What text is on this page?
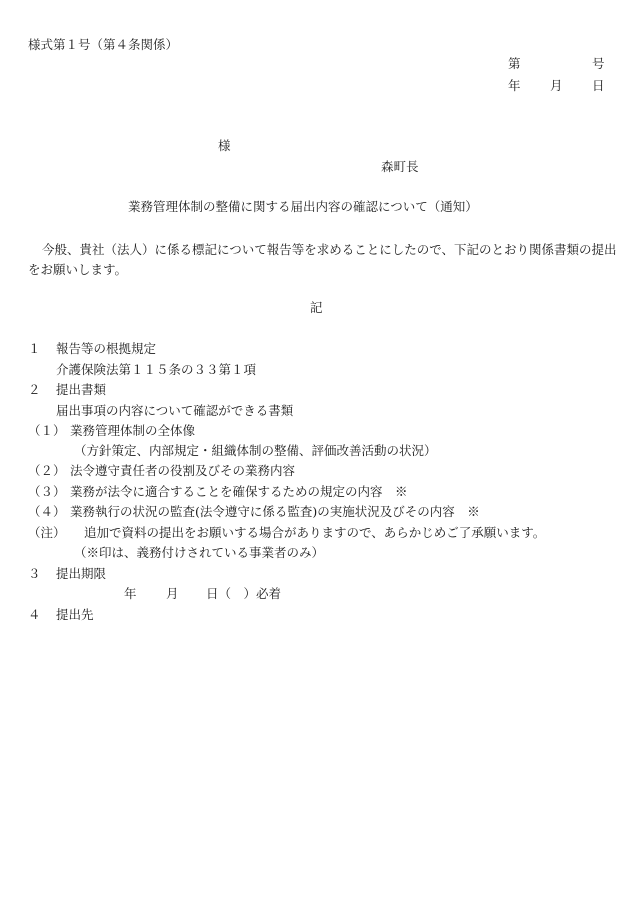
様式第１号（第４条関係）
第	号
年 月 日
様
森町長
業務管理体制の整備に関する届出内容の確認について（通知）
今般、貴社（法人）に係る標記について報告等を求めることにしたので、下記のとおり関係書類の提出をお願いします。
記
１ 報告等の根拠規定
介護保険法第１１５条の３３第１項
２ 提出書類
届出事項の内容について確認ができる書類
（１） 業務管理体制の全体像
（方針策定、内部規定・組織体制の整備、評価改善活動の状況）
（２） 法令遵守責任者の役割及びその業務内容
（３） 業務が法令に適合することを確保するための規定の内容　※
（４） 業務執行の状況の監査(法令遵守に係る監査)の実施状況及びその内容　※
（注） 追加で資料の提出をお願いする場合がありますので、あらかじめご了承願います。
（※印は、義務付けされている事業者のみ）
３ 提出期限
年 月 日（　）必着
４ 提出先
